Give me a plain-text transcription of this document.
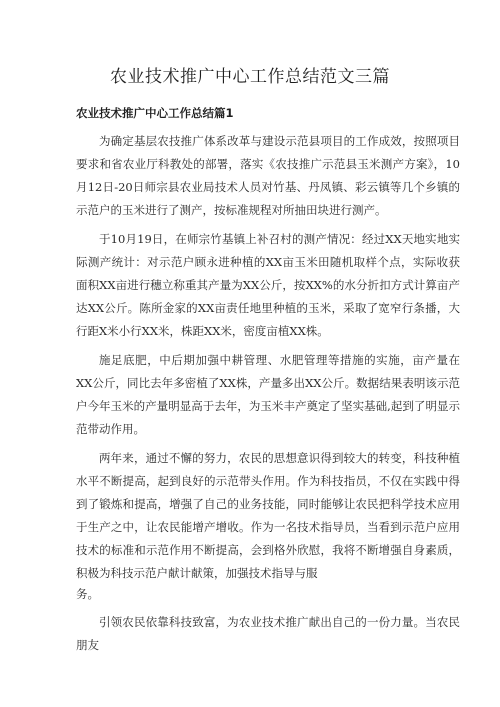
农业技术推广中心工作总结范文三篇
农业技术推广中心工作总结篇1

为确定基层农技推广体系改革与建设示范县项目的工作成效，按照项目要求和省农业厅科教处的部署，落实《农技推广示范县玉米测产方案》，10月12日-20日师宗县农业局技术人员对竹基、丹凤镇、彩云镇等几个乡镇的示范户的玉米进行了测产，按标准规程对所抽田块进行测产。

于10月19日，在师宗竹基镇上补召村的测产情况：经过XX天地实地实际测产统计：对示范户顾永进种植的XX亩玉米田随机取样个点，实际收获面积XX亩进行穗立称重其产量为XX公斤，按XX%的水分折扣方式计算亩产达XX公斤。陈所金家的XX亩责任地里种植的玉米，采取了宽窄行条播，大行距X米小行XX米，株距XX米，密度亩植XX株。

施足底肥，中后期加强中耕管理、水肥管理等措施的实施，亩产量在XX公斤，同比去年多密植了XX株，产量多出XX公斤。数据结果表明该示范户今年玉米的产量明显高于去年，为玉米丰产奠定了坚实基础,起到了明显示范带动作用。

两年来，通过不懈的努力，农民的思想意识得到较大的转变，科技种植水平不断提高，起到良好的示范带头作用。作为科技指员，不仅在实践中得到了锻炼和提高，增强了自己的业务技能，同时能够让农民把科学技术应用于生产之中，让农民能增产增收。作为一名技术指导员，当看到示范户应用技术的标准和示范作用不断提高，会到格外欣慰，我将不断增强自身素质，积极为科技示范户献计献策，加强技术指导与服

务。

引领农民依靠科技致富，为农业技术推广献出自己的一份力量。当农民朋友
